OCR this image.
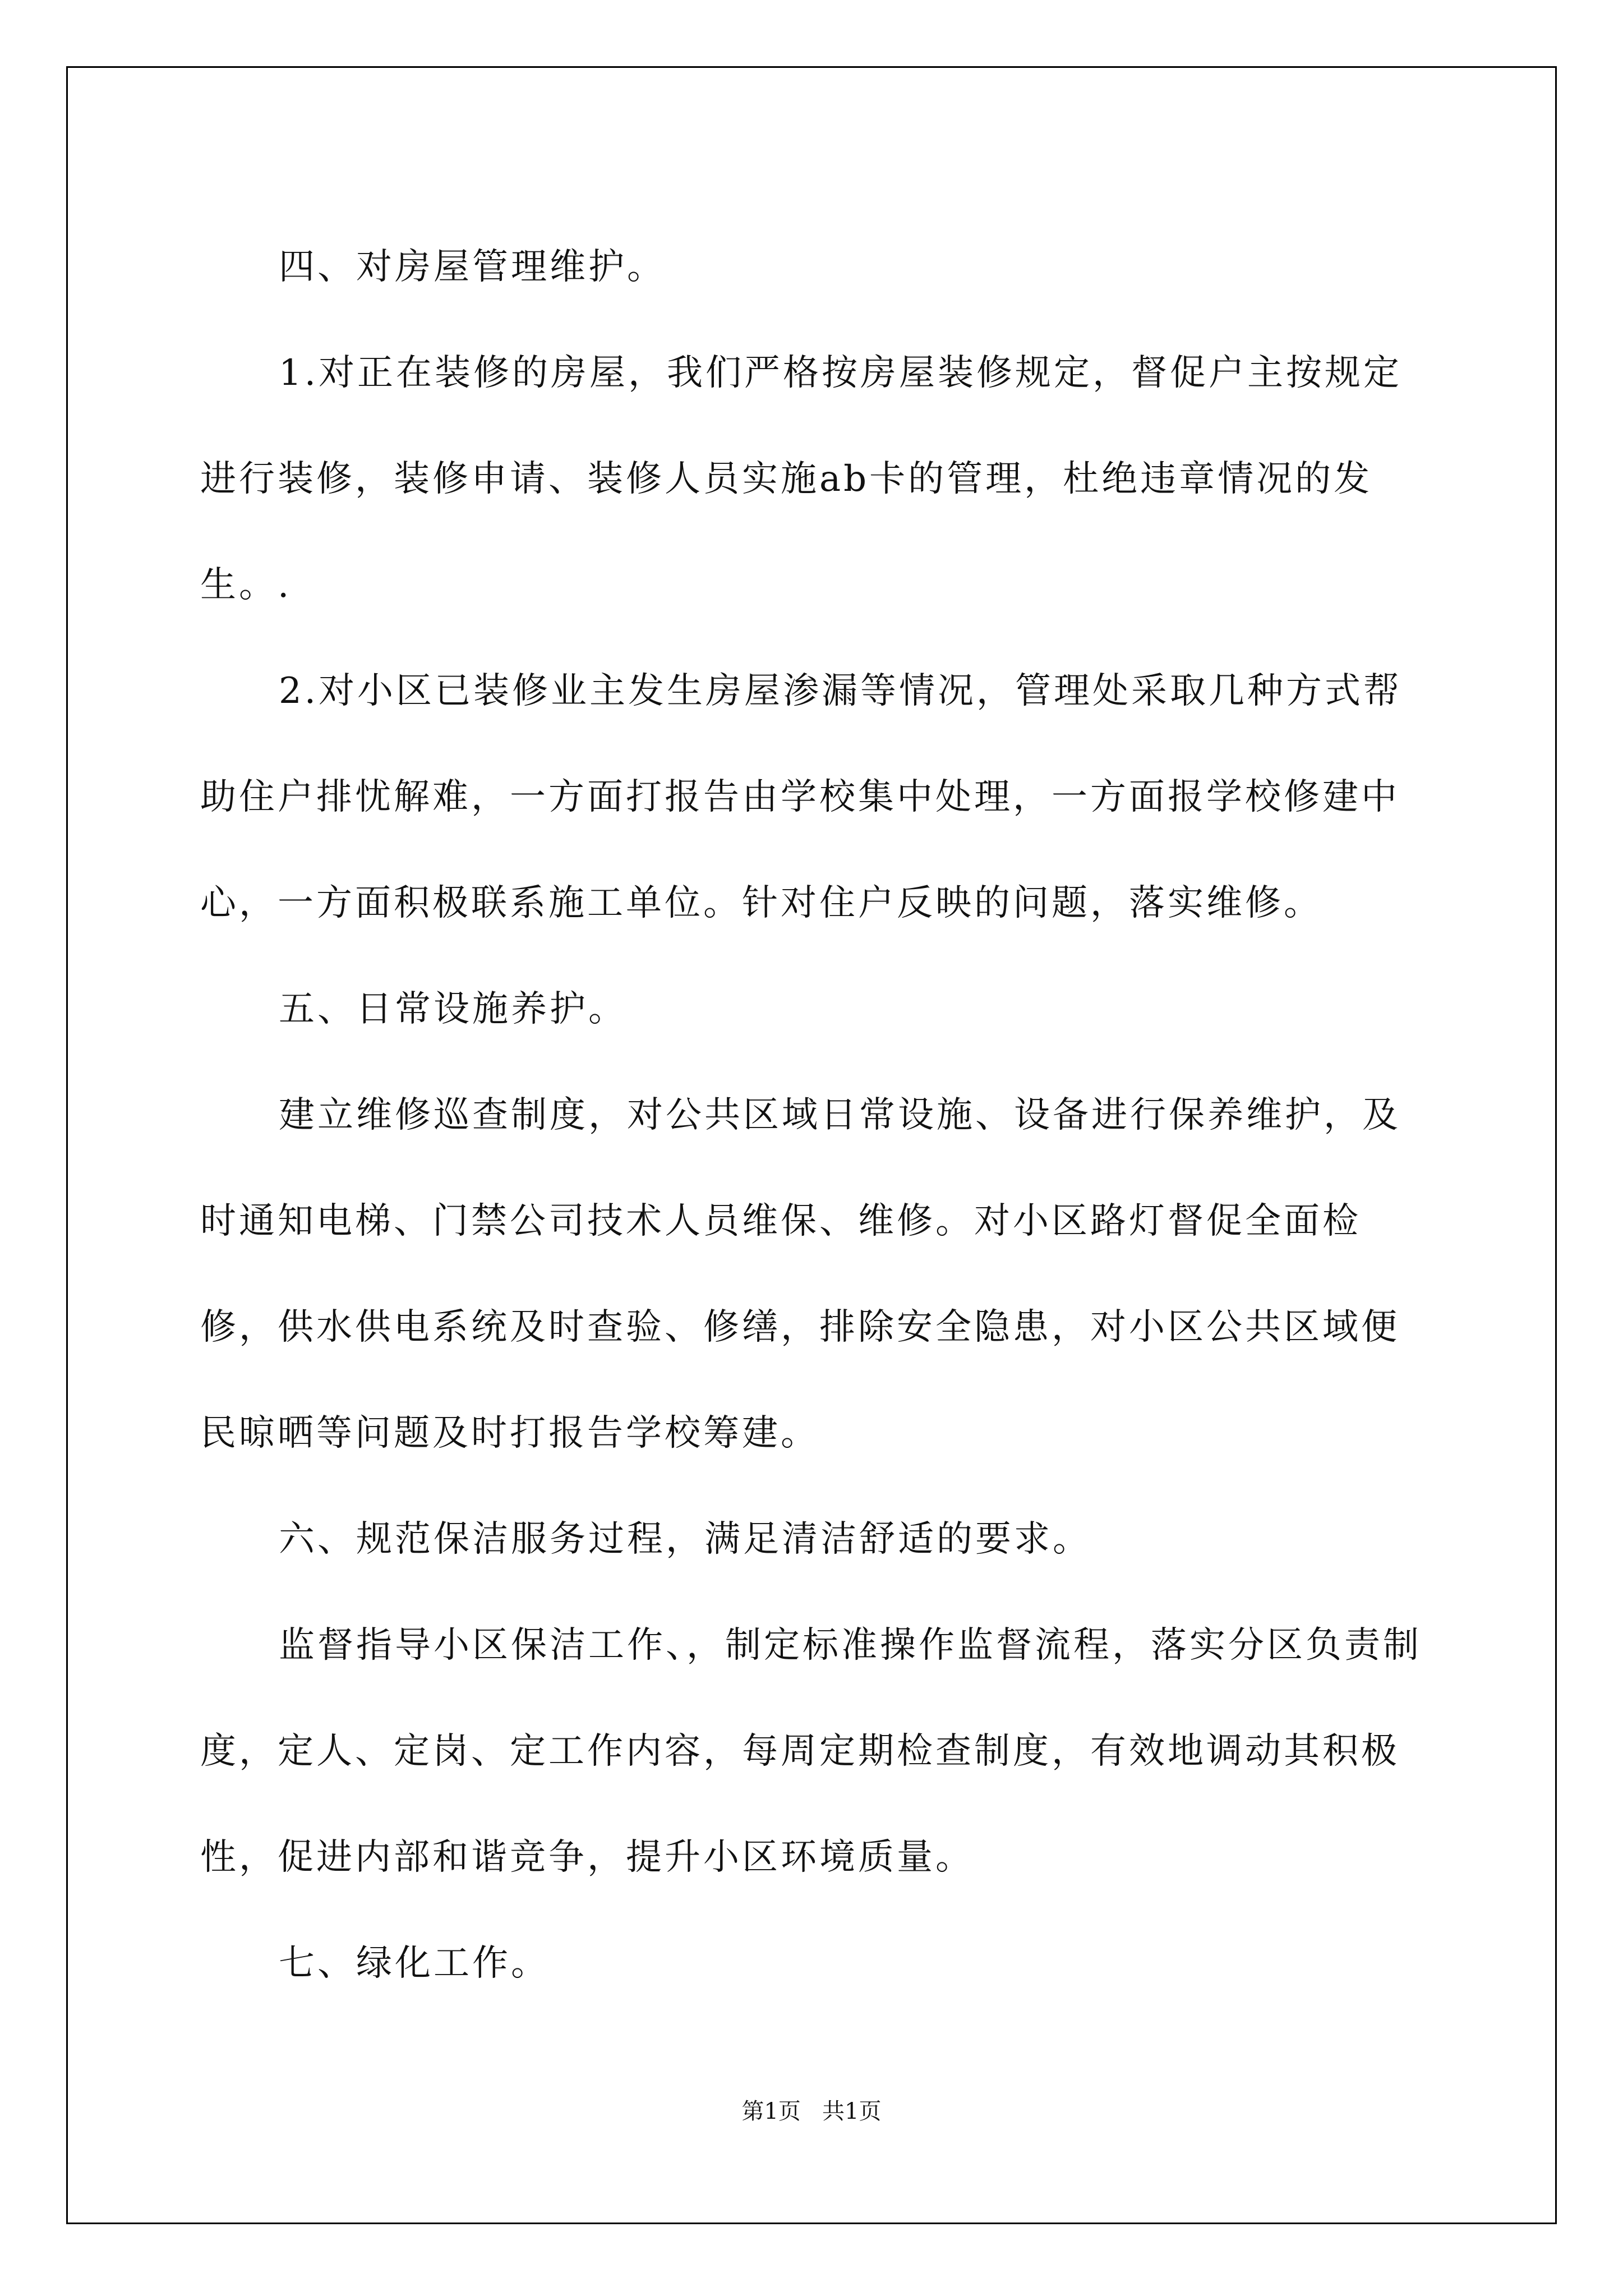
四、对房屋管理维护。

1.对正在装修的房屋，我们严格按房屋装修规定，督促户主按规定进行装修，装修申请、装修人员实施ab卡的管理，杜绝违章情况的发生。.

2.对小区已装修业主发生房屋渗漏等情况，管理处采取几种方式帮助住户排忧解难，一方面打报告由学校集中处理，一方面报学校修建中心，一方面积极联系施工单位。针对住户反映的问题，落实维修。

五、日常设施养护。

建立维修巡查制度，对公共区域日常设施、设备进行保养维护，及时通知电梯、门禁公司技术人员维保、维修。对小区路灯督促全面检修，供水供电系统及时查验、修缮，排除安全隐患，对小区公共区域便民晾晒等问题及时打报告学校筹建。

六、规范保洁服务过程，满足清洁舒适的要求。

监督指导小区保洁工作、，制定标准操作监督流程，落实分区负责制度，定人、定岗、定工作内容，每周定期检查制度，有效地调动其积极性，促进内部和谐竞争，提升小区环境质量。

七、绿化工作。

第1页   共1页
